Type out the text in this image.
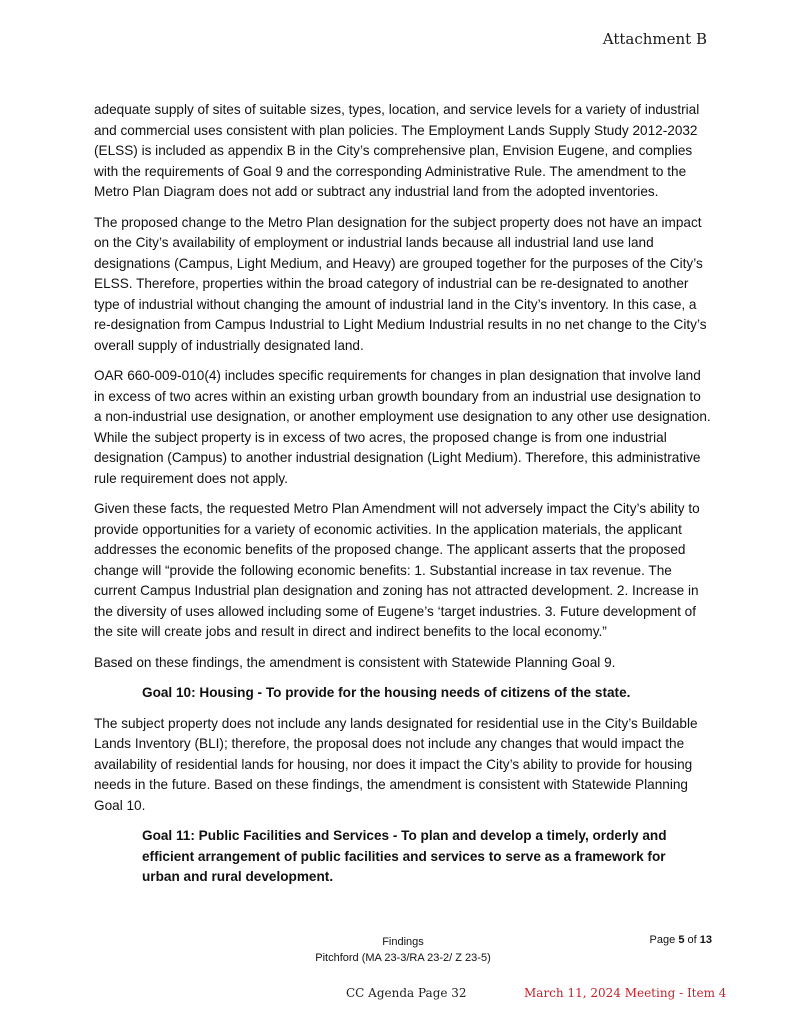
Attachment B

adequate supply of sites of suitable sizes, types, location, and service levels for a variety of industrial and commercial uses consistent with plan policies. The Employment Lands Supply Study 2012-2032 (ELSS) is included as appendix B in the City’s comprehensive plan, Envision Eugene, and complies with the requirements of Goal 9 and the corresponding Administrative Rule. The amendment to the Metro Plan Diagram does not add or subtract any industrial land from the adopted inventories.

The proposed change to the Metro Plan designation for the subject property does not have an impact on the City’s availability of employment or industrial lands because all industrial land use land designations (Campus, Light Medium, and Heavy) are grouped together for the purposes of the City’s ELSS. Therefore, properties within the broad category of industrial can be re-designated to another type of industrial without changing the amount of industrial land in the City’s inventory. In this case, a re-designation from Campus Industrial to Light Medium Industrial results in no net change to the City’s overall supply of industrially designated land.

OAR 660-009-010(4) includes specific requirements for changes in plan designation that involve land in excess of two acres within an existing urban growth boundary from an industrial use designation to a non-industrial use designation, or another employment use designation to any other use designation. While the subject property is in excess of two acres, the proposed change is from one industrial designation (Campus) to another industrial designation (Light Medium). Therefore, this administrative rule requirement does not apply.

Given these facts, the requested Metro Plan Amendment will not adversely impact the City’s ability to provide opportunities for a variety of economic activities. In the application materials, the applicant addresses the economic benefits of the proposed change. The applicant asserts that the proposed change will “provide the following economic benefits: 1. Substantial increase in tax revenue. The current Campus Industrial plan designation and zoning has not attracted development. 2. Increase in the diversity of uses allowed including some of Eugene’s ‘target industries. 3. Future development of the site will create jobs and result in direct and indirect benefits to the local economy.”

Based on these findings, the amendment is consistent with Statewide Planning Goal 9.

Goal 10: Housing - To provide for the housing needs of citizens of the state.

The subject property does not include any lands designated for residential use in the City’s Buildable Lands Inventory (BLI); therefore, the proposal does not include any changes that would impact the availability of residential lands for housing, nor does it impact the City’s ability to provide for housing needs in the future. Based on these findings, the amendment is consistent with Statewide Planning Goal 10.

Goal 11: Public Facilities and Services - To plan and develop a timely, orderly and efficient arrangement of public facilities and services to serve as a framework for urban and rural development.
Findings
Pitchford (MA 23-3/RA 23-2/ Z 23-5)
Page 5 of 13
CC Agenda Page 32	March 11, 2024 Meeting - Item 4
